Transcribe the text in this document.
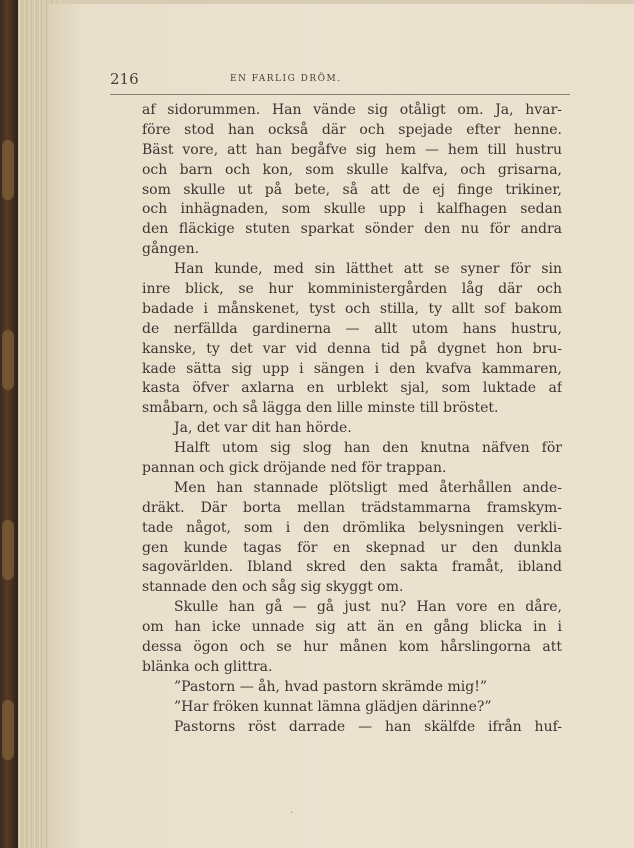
216	EN FARLIG DRÖM.
af sidorummen. Han vände sig otåligt om. Ja, hvar-
före stod han också där och spejade efter henne.
Bäst vore, att han begåfve sig hem — hem till hustru
och barn och kon, som skulle kalfva, och grisarna,
som skulle ut på bete, så att de ej finge trikiner,
och inhägnaden, som skulle upp i kalfhagen sedan
den fläckige stuten sparkat sönder den nu för andra
gången.
Han kunde, med sin lätthet att se syner för sin
inre blick, se hur komministergården låg där och
badade i månskenet, tyst och stilla, ty allt sof bakom
de nerfällda gardinerna — allt utom hans hustru,
kanske, ty det var vid denna tid på dygnet hon bru-
kade sätta sig upp i sängen i den kvafva kammaren,
kasta öfver axlarna en urblekt sjal, som luktade af
småbarn, och så lägga den lille minste till bröstet.
Ja, det var dit han hörde.
Halft utom sig slog han den knutna näfven för
pannan och gick dröjande ned för trappan.
Men han stannade plötsligt med återhållen ande-
dräkt. Där borta mellan trädstammarna framskym-
tade något, som i den drömlika belysningen verkli-
gen kunde tagas för en skepnad ur den dunkla
sagovärlden. Ibland skred den sakta framåt, ibland
stannade den och såg sig skyggt om.
Skulle han gå — gå just nu? Han vore en dåre,
om han icke unnade sig att än en gång blicka in i
dessa ögon och se hur månen kom hårslingorna att
blänka och glittra.
”Pastorn — åh, hvad pastorn skrämde mig!”
”Har fröken kunnat lämna glädjen därinne?”
Pastorns röst darrade — han skälfde ifrån huf-
·
